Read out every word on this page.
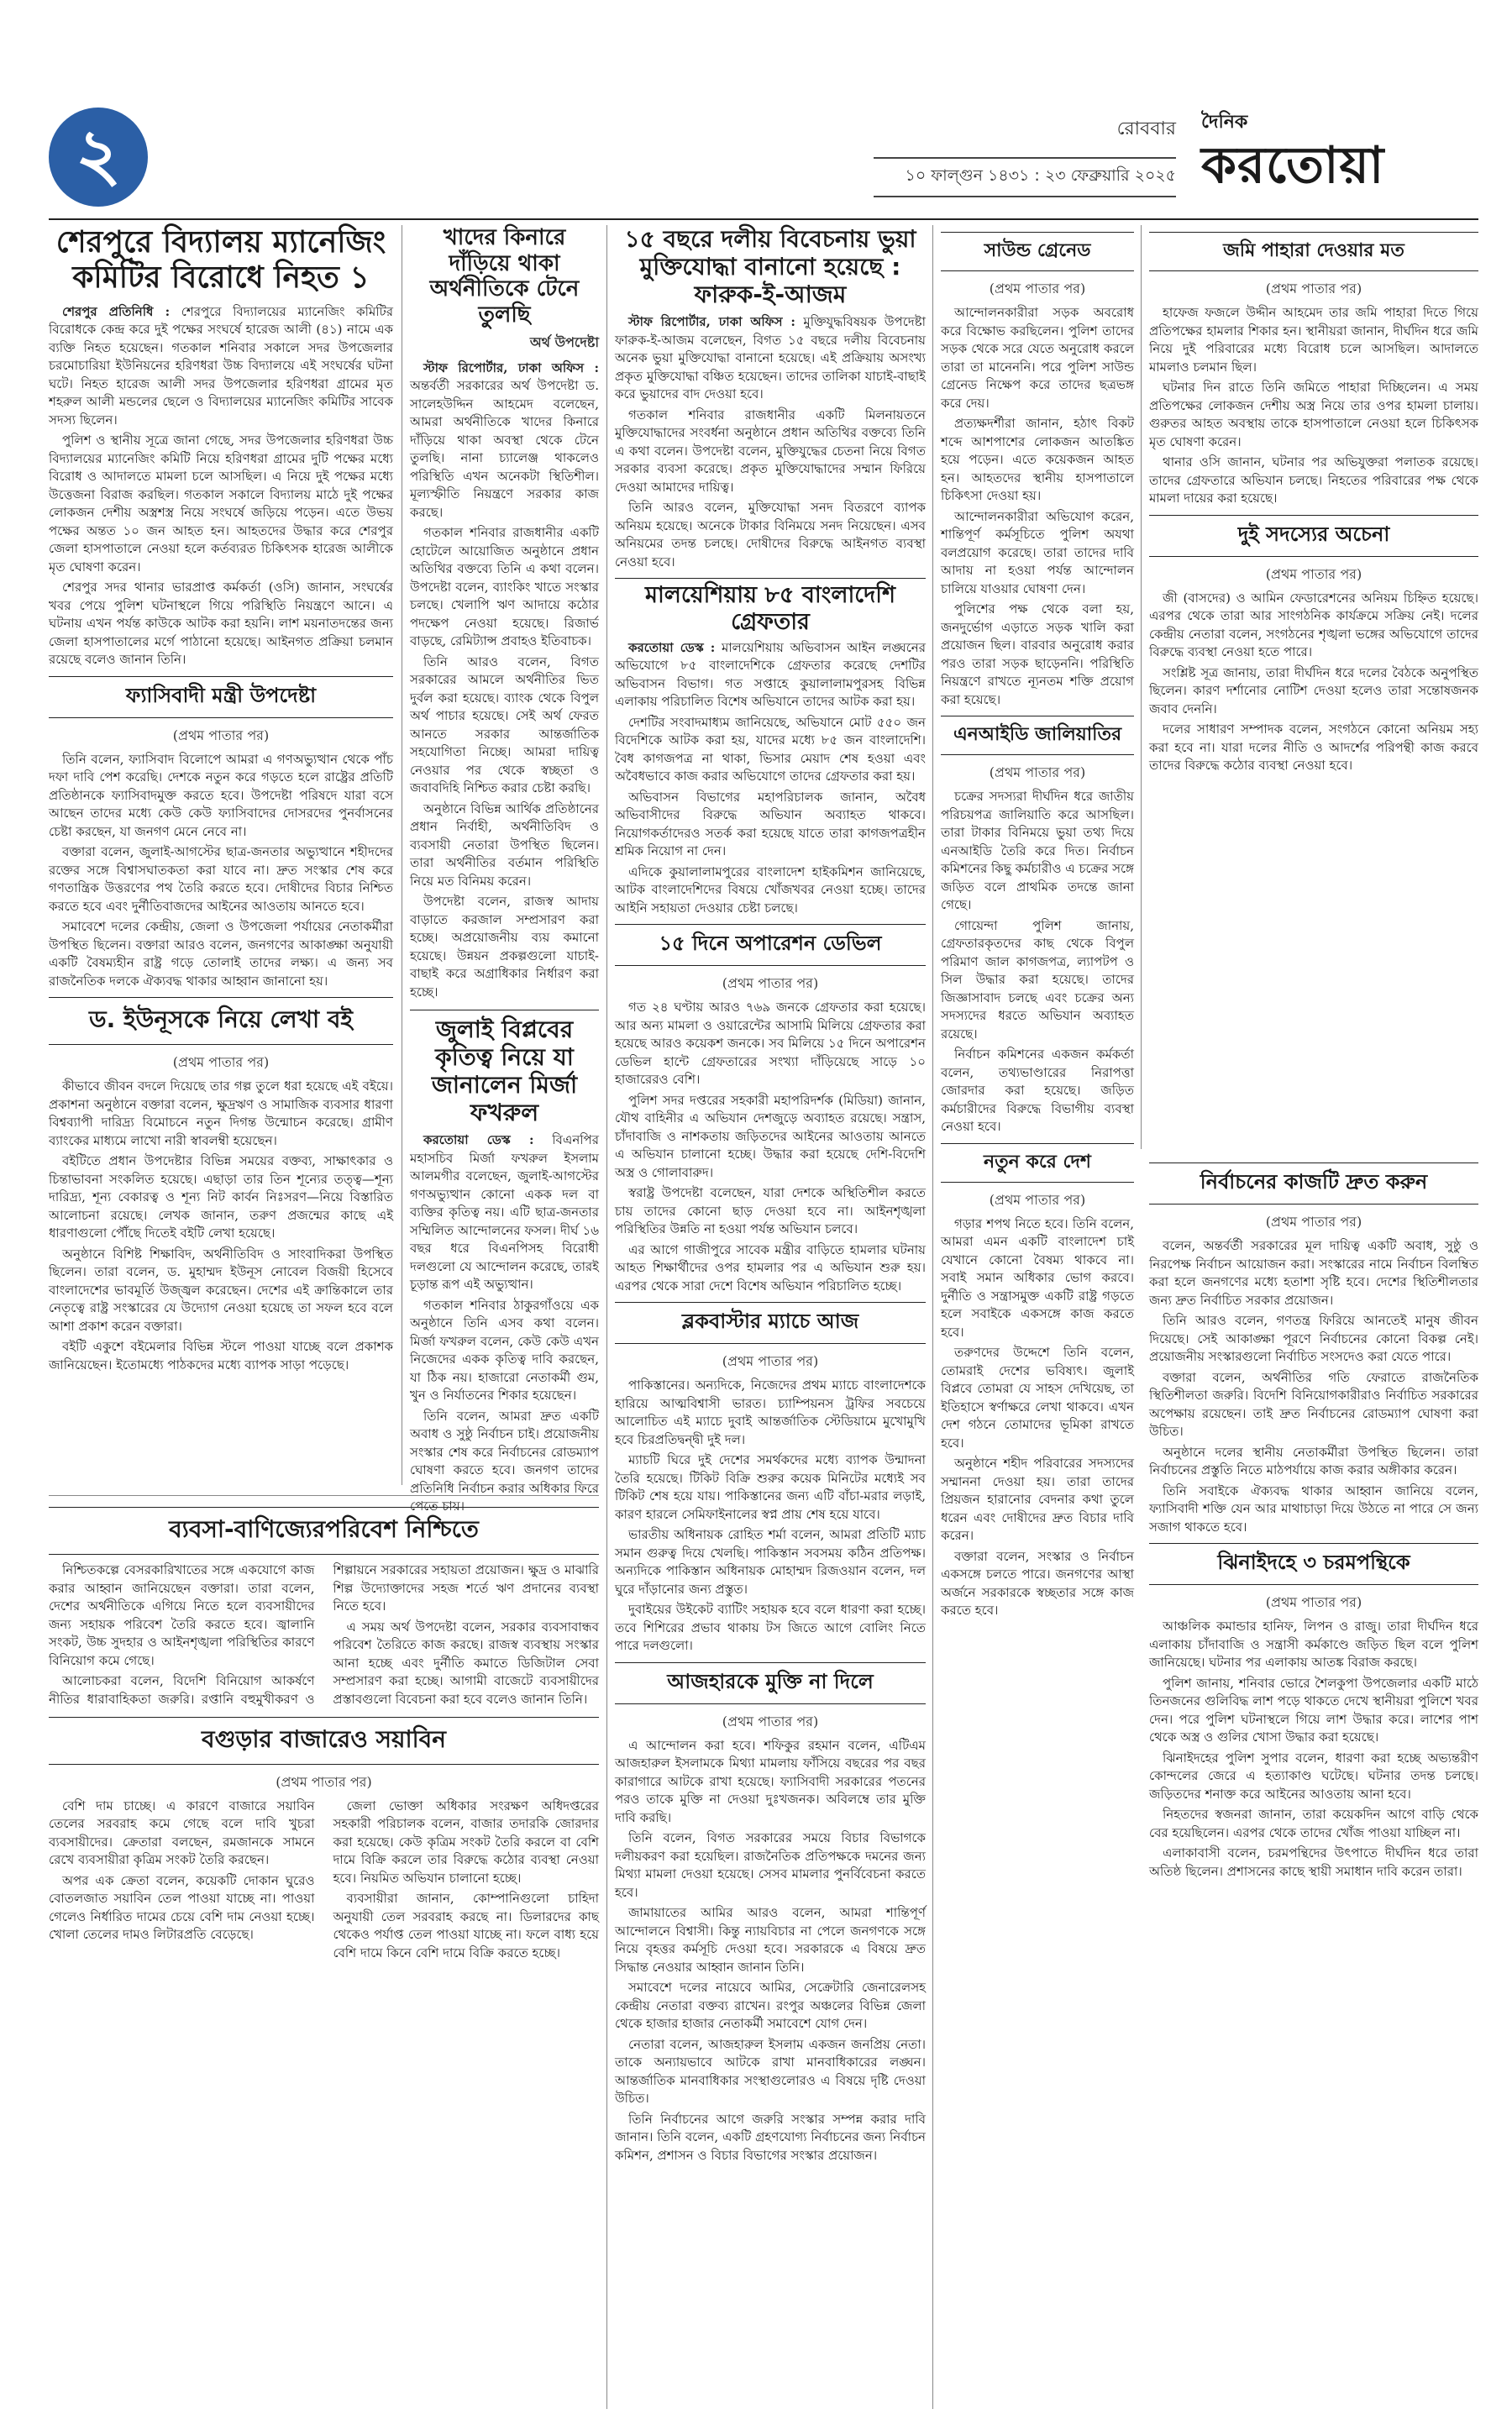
২	রোববার
১০ ফাল্গুন ১৪৩১ : ২৩ ফেব্রুয়ারি ২০২৫
দৈনিক
করতোয়া
শেরপুরে বিদ্যালয় ম্যানেজিং কমিটির বিরোধে নিহত ১

শেরপুর প্রতিনিধি : শেরপুরে বিদ্যালয়ের ম্যানেজিং কমিটির বিরোধকে কেন্দ্র করে দুই পক্ষের সংঘর্ষে হারেজ আলী (৪১) নামে এক ব্যক্তি নিহত হয়েছেন। গতকাল শনিবার সকালে সদর উপজেলার চরমোচারিয়া ইউনিয়নের হরিণধরা উচ্চ বিদ্যালয়ে এই সংঘর্ষের ঘটনা ঘটে। নিহত হারেজ আলী সদর উপজেলার হরিণধরা গ্রামের মৃত শহরুল আলী মন্ডলের ছেলে ও বিদ্যালয়ের ম্যানেজিং কমিটির সাবেক সদস্য ছিলেন।

পুলিশ ও স্থানীয় সূত্রে জানা গেছে, সদর উপজেলার হরিণধরা উচ্চ বিদ্যালয়ের ম্যানেজিং কমিটি নিয়ে হরিণধরা গ্রামের দুটি পক্ষের মধ্যে বিরোধ ও আদালতে মামলা চলে আসছিল। এ নিয়ে দুই পক্ষের মধ্যে উত্তেজনা বিরাজ করছিল। গতকাল সকালে বিদ্যালয় মাঠে দুই পক্ষের লোকজন দেশীয় অস্ত্রশস্ত্র নিয়ে সংঘর্ষে জড়িয়ে পড়েন। এতে উভয় পক্ষের অন্তত ১০ জন আহত হন। আহতদের উদ্ধার করে শেরপুর জেলা হাসপাতালে নেওয়া হলে কর্তব্যরত চিকিৎসক হারেজ আলীকে মৃত ঘোষণা করেন।

শেরপুর সদর থানার ভারপ্রাপ্ত কর্মকর্তা (ওসি) জানান, সংঘর্ষের খবর পেয়ে পুলিশ ঘটনাস্থলে গিয়ে পরিস্থিতি নিয়ন্ত্রণে আনে। এ ঘটনায় এখন পর্যন্ত কাউকে আটক করা হয়নি। লাশ ময়নাতদন্তের জন্য জেলা হাসপাতালের মর্গে পাঠানো হয়েছে। আইনগত প্রক্রিয়া চলমান রয়েছে বলেও জানান তিনি।

ফ্যাসিবাদী মন্ত্রী উপদেষ্টা
(প্রথম পাতার পর)

তিনি বলেন, ফ্যাসিবাদ বিলোপে আমরা এ গণঅভ্যুত্থান থেকে পাঁচ দফা দাবি পেশ করেছি। দেশকে নতুন করে গড়তে হলে রাষ্ট্রের প্রতিটি প্রতিষ্ঠানকে ফ্যাসিবাদমুক্ত করতে হবে। উপদেষ্টা পরিষদে যারা বসে আছেন তাদের মধ্যে কেউ কেউ ফ্যাসিবাদের দোসরদের পুনর্বাসনের চেষ্টা করছেন, যা জনগণ মেনে নেবে না।

বক্তারা বলেন, জুলাই-আগস্টের ছাত্র-জনতার অভ্যুত্থানে শহীদদের রক্তের সঙ্গে বিশ্বাসঘাতকতা করা যাবে না। দ্রুত সংস্কার শেষ করে গণতান্ত্রিক উত্তরণের পথ তৈরি করতে হবে। দোষীদের বিচার নিশ্চিত করতে হবে এবং দুর্নীতিবাজদের আইনের আওতায় আনতে হবে।

সমাবেশে দলের কেন্দ্রীয়, জেলা ও উপজেলা পর্যায়ের নেতাকর্মীরা উপস্থিত ছিলেন। বক্তারা আরও বলেন, জনগণের আকাঙ্ক্ষা অনুযায়ী একটি বৈষম্যহীন রাষ্ট্র গড়ে তোলাই তাদের লক্ষ্য। এ জন্য সব রাজনৈতিক দলকে ঐক্যবদ্ধ থাকার আহ্বান জানানো হয়।

ড. ইউনূসকে নিয়ে লেখা বই
(প্রথম পাতার পর)

কীভাবে জীবন বদলে দিয়েছে তার গল্প তুলে ধরা হয়েছে এই বইয়ে। প্রকাশনা অনুষ্ঠানে বক্তারা বলেন, ক্ষুদ্রঋণ ও সামাজিক ব্যবসার ধারণা বিশ্বব্যাপী দারিদ্র্য বিমোচনে নতুন দিগন্ত উন্মোচন করেছে। গ্রামীণ ব্যাংকের মাধ্যমে লাখো নারী স্বাবলম্বী হয়েছেন।

বইটিতে প্রধান উপদেষ্টার বিভিন্ন সময়ের বক্তব্য, সাক্ষাৎকার ও চিন্তাভাবনা সংকলিত হয়েছে। এছাড়া তার তিন শূন্যের তত্ত্ব—শূন্য দারিদ্র্য, শূন্য বেকারত্ব ও শূন্য নিট কার্বন নিঃসরণ—নিয়ে বিস্তারিত আলোচনা রয়েছে। লেখক জানান, তরুণ প্রজন্মের কাছে এই ধারণাগুলো পৌঁছে দিতেই বইটি লেখা হয়েছে।

অনুষ্ঠানে বিশিষ্ট শিক্ষাবিদ, অর্থনীতিবিদ ও সাংবাদিকরা উপস্থিত ছিলেন। তারা বলেন, ড. মুহাম্মদ ইউনূস নোবেল বিজয়ী হিসেবে বাংলাদেশের ভাবমূর্তি উজ্জ্বল করেছেন। দেশের এই ক্রান্তিকালে তার নেতৃত্বে রাষ্ট্র সংস্কারের যে উদ্যোগ নেওয়া হয়েছে তা সফল হবে বলে আশা প্রকাশ করেন বক্তারা।

বইটি একুশে বইমেলার বিভিন্ন স্টলে পাওয়া যাচ্ছে বলে প্রকাশক জানিয়েছেন। ইতোমধ্যে পাঠকদের মধ্যে ব্যাপক সাড়া পড়েছে।

খাদের কিনারে দাঁড়িয়ে থাকা অর্থনীতিকে টেনে তুলছি
অর্থ উপদেষ্টা

স্টাফ রিপোর্টার, ঢাকা অফিস : অন্তর্বর্তী সরকারের অর্থ উপদেষ্টা ড. সালেহউদ্দিন আহমেদ বলেছেন, আমরা অর্থনীতিকে খাদের কিনারে দাঁড়িয়ে থাকা অবস্থা থেকে টেনে তুলছি। নানা চ্যালেঞ্জ থাকলেও পরিস্থিতি এখন অনেকটা স্থিতিশীল। মূল্যস্ফীতি নিয়ন্ত্রণে সরকার কাজ করছে।

গতকাল শনিবার রাজধানীর একটি হোটেলে আয়োজিত অনুষ্ঠানে প্রধান অতিথির বক্তব্যে তিনি এ কথা বলেন। উপদেষ্টা বলেন, ব্যাংকিং খাতে সংস্কার চলছে। খেলাপি ঋণ আদায়ে কঠোর পদক্ষেপ নেওয়া হয়েছে। রিজার্ভ বাড়ছে, রেমিট্যান্স প্রবাহও ইতিবাচক।

তিনি আরও বলেন, বিগত সরকারের আমলে অর্থনীতির ভিত দুর্বল করা হয়েছে। ব্যাংক থেকে বিপুল অর্থ পাচার হয়েছে। সেই অর্থ ফেরত আনতে সরকার আন্তর্জাতিক সহযোগিতা নিচ্ছে। আমরা দায়িত্ব নেওয়ার পর থেকে স্বচ্ছতা ও জবাবদিহি নিশ্চিত করার চেষ্টা করছি।

অনুষ্ঠানে বিভিন্ন আর্থিক প্রতিষ্ঠানের প্রধান নির্বাহী, অর্থনীতিবিদ ও ব্যবসায়ী নেতারা উপস্থিত ছিলেন। তারা অর্থনীতির বর্তমান পরিস্থিতি নিয়ে মত বিনিময় করেন।

উপদেষ্টা বলেন, রাজস্ব আদায় বাড়াতে করজাল সম্প্রসারণ করা হচ্ছে। অপ্রয়োজনীয় ব্যয় কমানো হয়েছে। উন্নয়ন প্রকল্পগুলো যাচাই-বাছাই করে অগ্রাধিকার নির্ধারণ করা হচ্ছে।

জুলাই বিপ্লবের কৃতিত্ব নিয়ে যা জানালেন মির্জা ফখরুল

করতোয়া ডেস্ক : বিএনপির মহাসচিব মির্জা ফখরুল ইসলাম আলমগীর বলেছেন, জুলাই-আগস্টের গণঅভ্যুত্থান কোনো একক দল বা ব্যক্তির কৃতিত্ব নয়। এটি ছাত্র-জনতার সম্মিলিত আন্দোলনের ফসল। দীর্ঘ ১৬ বছর ধরে বিএনপিসহ বিরোধী দলগুলো যে আন্দোলন করেছে, তারই চূড়ান্ত রূপ এই অভ্যুত্থান।

গতকাল শনিবার ঠাকুরগাঁওয়ে এক অনুষ্ঠানে তিনি এসব কথা বলেন। মির্জা ফখরুল বলেন, কেউ কেউ এখন নিজেদের একক কৃতিত্ব দাবি করছেন, যা ঠিক নয়। হাজারো নেতাকর্মী গুম, খুন ও নির্যাতনের শিকার হয়েছেন।

তিনি বলেন, আমরা দ্রুত একটি অবাধ ও সুষ্ঠু নির্বাচন চাই। প্রয়োজনীয় সংস্কার শেষ করে নির্বাচনের রোডম্যাপ ঘোষণা করতে হবে। জনগণ তাদের প্রতিনিধি নির্বাচন করার অধিকার ফিরে পেতে চায়।

ব্যবসা-বাণিজ্যেরপরিবেশ নিশ্চিতে

নিশ্চিতকল্পে বেসরকারিখাতের সঙ্গে একযোগে কাজ করার আহ্বান জানিয়েছেন বক্তারা। তারা বলেন, দেশের অর্থনীতিকে এগিয়ে নিতে হলে ব্যবসায়ীদের জন্য সহায়ক পরিবেশ তৈরি করতে হবে। জ্বালানি সংকট, উচ্চ সুদহার ও আইনশৃঙ্খলা পরিস্থিতির কারণে বিনিয়োগ কমে গেছে।

আলোচকরা বলেন, বিদেশি বিনিয়োগ আকর্ষণে নীতির ধারাবাহিকতা জরুরি। রপ্তানি বহুমুখীকরণ ও শিল্পায়নে সরকারের সহায়তা প্রয়োজন। ক্ষুদ্র ও মাঝারি শিল্প উদ্যোক্তাদের সহজ শর্তে ঋণ প্রদানের ব্যবস্থা নিতে হবে।

এ সময় অর্থ উপদেষ্টা বলেন, সরকার ব্যবসাবান্ধব পরিবেশ তৈরিতে কাজ করছে। রাজস্ব ব্যবস্থায় সংস্কার আনা হচ্ছে এবং দুর্নীতি কমাতে ডিজিটাল সেবা সম্প্রসারণ করা হচ্ছে। আগামী বাজেটে ব্যবসায়ীদের প্রস্তাবগুলো বিবেচনা করা হবে বলেও জানান তিনি।

বগুড়ার বাজারেও সয়াবিন
(প্রথম পাতার পর)

বেশি দাম চাচ্ছে। এ কারণে বাজারে সয়াবিন তেলের সরবরাহ কমে গেছে বলে দাবি খুচরা ব্যবসায়ীদের। ক্রেতারা বলছেন, রমজানকে সামনে রেখে ব্যবসায়ীরা কৃত্রিম সংকট তৈরি করছেন।

অপর এক ক্রেতা বলেন, কয়েকটি দোকান ঘুরেও বোতলজাত সয়াবিন তেল পাওয়া যাচ্ছে না। পাওয়া গেলেও নির্ধারিত দামের চেয়ে বেশি দাম নেওয়া হচ্ছে। খোলা তেলের দামও লিটারপ্রতি বেড়েছে।

জেলা ভোক্তা অধিকার সংরক্ষণ অধিদপ্তরের সহকারী পরিচালক বলেন, বাজার তদারকি জোরদার করা হয়েছে। কেউ কৃত্রিম সংকট তৈরি করলে বা বেশি দামে বিক্রি করলে তার বিরুদ্ধে কঠোর ব্যবস্থা নেওয়া হবে। নিয়মিত অভিযান চালানো হচ্ছে।

ব্যবসায়ীরা জানান, কোম্পানিগুলো চাহিদা অনুযায়ী তেল সরবরাহ করছে না। ডিলারদের কাছ থেকেও পর্যাপ্ত তেল পাওয়া যাচ্ছে না। ফলে বাধ্য হয়ে বেশি দামে কিনে বেশি দামে বিক্রি করতে হচ্ছে।

১৫ বছরে দলীয় বিবেচনায় ভুয়া মুক্তিযোদ্ধা বানানো হয়েছে : ফারুক-ই-আজম

স্টাফ রিপোর্টার, ঢাকা অফিস : মুক্তিযুদ্ধবিষয়ক উপদেষ্টা ফারুক-ই-আজম বলেছেন, বিগত ১৫ বছরে দলীয় বিবেচনায় অনেক ভুয়া মুক্তিযোদ্ধা বানানো হয়েছে। এই প্রক্রিয়ায় অসংখ্য প্রকৃত মুক্তিযোদ্ধা বঞ্চিত হয়েছেন। তাদের তালিকা যাচাই-বাছাই করে ভুয়াদের বাদ দেওয়া হবে।

গতকাল শনিবার রাজধানীর একটি মিলনায়তনে মুক্তিযোদ্ধাদের সংবর্ধনা অনুষ্ঠানে প্রধান অতিথির বক্তব্যে তিনি এ কথা বলেন। উপদেষ্টা বলেন, মুক্তিযুদ্ধের চেতনা নিয়ে বিগত সরকার ব্যবসা করেছে। প্রকৃত মুক্তিযোদ্ধাদের সম্মান ফিরিয়ে দেওয়া আমাদের দায়িত্ব।

তিনি আরও বলেন, মুক্তিযোদ্ধা সনদ বিতরণে ব্যাপক অনিয়ম হয়েছে। অনেকে টাকার বিনিময়ে সনদ নিয়েছেন। এসব অনিয়মের তদন্ত চলছে। দোষীদের বিরুদ্ধে আইনগত ব্যবস্থা নেওয়া হবে।

মালয়েশিয়ায় ৮৫ বাংলাদেশি গ্রেফতার

করতোয়া ডেস্ক : মালয়েশিয়ায় অভিবাসন আইন লঙ্ঘনের অভিযোগে ৮৫ বাংলাদেশিকে গ্রেফতার করেছে দেশটির অভিবাসন বিভাগ। গত সপ্তাহে কুয়ালালামপুরসহ বিভিন্ন এলাকায় পরিচালিত বিশেষ অভিযানে তাদের আটক করা হয়।

দেশটির সংবাদমাধ্যম জানিয়েছে, অভিযানে মোট ৫৫০ জন বিদেশিকে আটক করা হয়, যাদের মধ্যে ৮৫ জন বাংলাদেশি। বৈধ কাগজপত্র না থাকা, ভিসার মেয়াদ শেষ হওয়া এবং অবৈধভাবে কাজ করার অভিযোগে তাদের গ্রেফতার করা হয়।

অভিবাসন বিভাগের মহাপরিচালক জানান, অবৈধ অভিবাসীদের বিরুদ্ধে অভিযান অব্যাহত থাকবে। নিয়োগকর্তাদেরও সতর্ক করা হয়েছে যাতে তারা কাগজপত্রহীন শ্রমিক নিয়োগ না দেন।

এদিকে কুয়ালালামপুরের বাংলাদেশ হাইকমিশন জানিয়েছে, আটক বাংলাদেশিদের বিষয়ে খোঁজখবর নেওয়া হচ্ছে। তাদের আইনি সহায়তা দেওয়ার চেষ্টা চলছে।

১৫ দিনে অপারেশন ডেভিল
(প্রথম পাতার পর)

গত ২৪ ঘণ্টায় আরও ৭৬৯ জনকে গ্রেফতার করা হয়েছে। আর অন্য মামলা ও ওয়ারেন্টের আসামি মিলিয়ে গ্রেফতার করা হয়েছে আরও কয়েকশ জনকে। সব মিলিয়ে ১৫ দিনে অপারেশন ডেভিল হান্টে গ্রেফতারের সংখ্যা দাঁড়িয়েছে সাড়ে ১০ হাজারেরও বেশি।

পুলিশ সদর দপ্তরের সহকারী মহাপরিদর্শক (মিডিয়া) জানান, যৌথ বাহিনীর এ অভিযান দেশজুড়ে অব্যাহত রয়েছে। সন্ত্রাস, চাঁদাবাজি ও নাশকতায় জড়িতদের আইনের আওতায় আনতে এ অভিযান চালানো হচ্ছে। উদ্ধার করা হয়েছে দেশি-বিদেশি অস্ত্র ও গোলাবারুদ।

স্বরাষ্ট্র উপদেষ্টা বলেছেন, যারা দেশকে অস্থিতিশীল করতে চায় তাদের কোনো ছাড় দেওয়া হবে না। আইনশৃঙ্খলা পরিস্থিতির উন্নতি না হওয়া পর্যন্ত অভিযান চলবে।

এর আগে গাজীপুরে সাবেক মন্ত্রীর বাড়িতে হামলার ঘটনায় আহত শিক্ষার্থীদের ওপর হামলার পর এ অভিযান শুরু হয়। এরপর থেকে সারা দেশে বিশেষ অভিযান পরিচালিত হচ্ছে।

ব্লকবাস্টার ম্যাচে আজ
(প্রথম পাতার পর)

পাকিস্তানের। অন্যদিকে, নিজেদের প্রথম ম্যাচে বাংলাদেশকে হারিয়ে আত্মবিশ্বাসী ভারত। চ্যাম্পিয়নস ট্রফির সবচেয়ে আলোচিত এই ম্যাচে দুবাই আন্তর্জাতিক স্টেডিয়ামে মুখোমুখি হবে চিরপ্রতিদ্বন্দ্বী দুই দল।

ম্যাচটি ঘিরে দুই দেশের সমর্থকদের মধ্যে ব্যাপক উন্মাদনা তৈরি হয়েছে। টিকিট বিক্রি শুরুর কয়েক মিনিটের মধ্যেই সব টিকিট শেষ হয়ে যায়। পাকিস্তানের জন্য এটি বাঁচা-মরার লড়াই, কারণ হারলে সেমিফাইনালের স্বপ্ন প্রায় শেষ হয়ে যাবে।

ভারতীয় অধিনায়ক রোহিত শর্মা বলেন, আমরা প্রতিটি ম্যাচ সমান গুরুত্ব দিয়ে খেলছি। পাকিস্তান সবসময় কঠিন প্রতিপক্ষ। অন্যদিকে পাকিস্তান অধিনায়ক মোহাম্মদ রিজওয়ান বলেন, দল ঘুরে দাঁড়ানোর জন্য প্রস্তুত।

দুবাইয়ের উইকেট ব্যাটিং সহায়ক হবে বলে ধারণা করা হচ্ছে। তবে শিশিরের প্রভাব থাকায় টস জিতে আগে বোলিং নিতে পারে দলগুলো।

আজহারকে মুক্তি না দিলে
(প্রথম পাতার পর)

এ আন্দোলন করা হবে। শফিকুর রহমান বলেন, এটিএম আজহারুল ইসলামকে মিথ্যা মামলায় ফাঁসিয়ে বছরের পর বছর কারাগারে আটকে রাখা হয়েছে। ফ্যাসিবাদী সরকারের পতনের পরও তাকে মুক্তি না দেওয়া দুঃখজনক। অবিলম্বে তার মুক্তি দাবি করছি।

তিনি বলেন, বিগত সরকারের সময়ে বিচার বিভাগকে দলীয়করণ করা হয়েছিল। রাজনৈতিক প্রতিপক্ষকে দমনের জন্য মিথ্যা মামলা দেওয়া হয়েছে। সেসব মামলার পুনর্বিবেচনা করতে হবে।

জামায়াতের আমির আরও বলেন, আমরা শান্তিপূর্ণ আন্দোলনে বিশ্বাসী। কিন্তু ন্যায়বিচার না পেলে জনগণকে সঙ্গে নিয়ে বৃহত্তর কর্মসূচি দেওয়া হবে। সরকারকে এ বিষয়ে দ্রুত সিদ্ধান্ত নেওয়ার আহ্বান জানান তিনি।

সমাবেশে দলের নায়েবে আমির, সেক্রেটারি জেনারেলসহ কেন্দ্রীয় নেতারা বক্তব্য রাখেন। রংপুর অঞ্চলের বিভিন্ন জেলা থেকে হাজার হাজার নেতাকর্মী সমাবেশে যোগ দেন।

নেতারা বলেন, আজহারুল ইসলাম একজন জনপ্রিয় নেতা। তাকে অন্যায়ভাবে আটকে রাখা মানবাধিকারের লঙ্ঘন। আন্তর্জাতিক মানবাধিকার সংস্থাগুলোরও এ বিষয়ে দৃষ্টি দেওয়া উচিত।

তিনি নির্বাচনের আগে জরুরি সংস্কার সম্পন্ন করার দাবি জানান। তিনি বলেন, একটি গ্রহণযোগ্য নির্বাচনের জন্য নির্বাচন কমিশন, প্রশাসন ও বিচার বিভাগের সংস্কার প্রয়োজন।

সাউন্ড গ্রেনেড
(প্রথম পাতার পর)

আন্দোলনকারীরা সড়ক অবরোধ করে বিক্ষোভ করছিলেন। পুলিশ তাদের সড়ক থেকে সরে যেতে অনুরোধ করলে তারা তা মানেননি। পরে পুলিশ সাউন্ড গ্রেনেড নিক্ষেপ করে তাদের ছত্রভঙ্গ করে দেয়।

প্রত্যক্ষদর্শীরা জানান, হঠাৎ বিকট শব্দে আশপাশের লোকজন আতঙ্কিত হয়ে পড়েন। এতে কয়েকজন আহত হন। আহতদের স্থানীয় হাসপাতালে চিকিৎসা দেওয়া হয়।

আন্দোলনকারীরা অভিযোগ করেন, শান্তিপূর্ণ কর্মসূচিতে পুলিশ অযথা বলপ্রয়োগ করেছে। তারা তাদের দাবি আদায় না হওয়া পর্যন্ত আন্দোলন চালিয়ে যাওয়ার ঘোষণা দেন।

পুলিশের পক্ষ থেকে বলা হয়, জনদুর্ভোগ এড়াতে সড়ক খালি করা প্রয়োজন ছিল। বারবার অনুরোধ করার পরও তারা সড়ক ছাড়েননি। পরিস্থিতি নিয়ন্ত্রণে রাখতে ন্যূনতম শক্তি প্রয়োগ করা হয়েছে।

এনআইডি জালিয়াতির
(প্রথম পাতার পর)

চক্রের সদস্যরা দীর্ঘদিন ধরে জাতীয় পরিচয়পত্র জালিয়াতি করে আসছিল। তারা টাকার বিনিময়ে ভুয়া তথ্য দিয়ে এনআইডি তৈরি করে দিত। নির্বাচন কমিশনের কিছু কর্মচারীও এ চক্রের সঙ্গে জড়িত বলে প্রাথমিক তদন্তে জানা গেছে।

গোয়েন্দা পুলিশ জানায়, গ্রেফতারকৃতদের কাছ থেকে বিপুল পরিমাণ জাল কাগজপত্র, ল্যাপটপ ও সিল উদ্ধার করা হয়েছে। তাদের জিজ্ঞাসাবাদ চলছে এবং চক্রের অন্য সদস্যদের ধরতে অভিযান অব্যাহত রয়েছে।

নির্বাচন কমিশনের একজন কর্মকর্তা বলেন, তথ্যভাণ্ডারের নিরাপত্তা জোরদার করা হয়েছে। জড়িত কর্মচারীদের বিরুদ্ধে বিভাগীয় ব্যবস্থা নেওয়া হবে।

নতুন করে দেশ
(প্রথম পাতার পর)

গড়ার শপথ নিতে হবে। তিনি বলেন, আমরা এমন একটি বাংলাদেশ চাই যেখানে কোনো বৈষম্য থাকবে না। সবাই সমান অধিকার ভোগ করবে। দুর্নীতি ও সন্ত্রাসমুক্ত একটি রাষ্ট্র গড়তে হলে সবাইকে একসঙ্গে কাজ করতে হবে।

তরুণদের উদ্দেশে তিনি বলেন, তোমরাই দেশের ভবিষ্যৎ। জুলাই বিপ্লবে তোমরা যে সাহস দেখিয়েছ, তা ইতিহাসে স্বর্ণাক্ষরে লেখা থাকবে। এখন দেশ গঠনে তোমাদের ভূমিকা রাখতে হবে।

অনুষ্ঠানে শহীদ পরিবারের সদস্যদের সম্মাননা দেওয়া হয়। তারা তাদের প্রিয়জন হারানোর বেদনার কথা তুলে ধরেন এবং দোষীদের দ্রুত বিচার দাবি করেন।

বক্তারা বলেন, সংস্কার ও নির্বাচন একসঙ্গে চলতে পারে। জনগণের আস্থা অর্জনে সরকারকে স্বচ্ছতার সঙ্গে কাজ করতে হবে।

জমি পাহারা দেওয়ার মত
(প্রথম পাতার পর)

হাফেজ ফজলে উদ্দীন আহমেদ তার জমি পাহারা দিতে গিয়ে প্রতিপক্ষের হামলার শিকার হন। স্থানীয়রা জানান, দীর্ঘদিন ধরে জমি নিয়ে দুই পরিবারের মধ্যে বিরোধ চলে আসছিল। আদালতে মামলাও চলমান ছিল।

ঘটনার দিন রাতে তিনি জমিতে পাহারা দিচ্ছিলেন। এ সময় প্রতিপক্ষের লোকজন দেশীয় অস্ত্র নিয়ে তার ওপর হামলা চালায়। গুরুতর আহত অবস্থায় তাকে হাসপাতালে নেওয়া হলে চিকিৎসক মৃত ঘোষণা করেন।

থানার ওসি জানান, ঘটনার পর অভিযুক্তরা পলাতক রয়েছে। তাদের গ্রেফতারে অভিযান চলছে। নিহতের পরিবারের পক্ষ থেকে মামলা দায়ের করা হয়েছে।

দুই সদস্যের অচেনা
(প্রথম পাতার পর)

জী (বাসদের) ও আমিন ফেডারেশনের অনিয়ম চিহ্নিত হয়েছে। এরপর থেকে তারা আর সাংগঠনিক কার্যক্রমে সক্রিয় নেই। দলের কেন্দ্রীয় নেতারা বলেন, সংগঠনের শৃঙ্খলা ভঙ্গের অভিযোগে তাদের বিরুদ্ধে ব্যবস্থা নেওয়া হতে পারে।

সংশ্লিষ্ট সূত্র জানায়, তারা দীর্ঘদিন ধরে দলের বৈঠকে অনুপস্থিত ছিলেন। কারণ দর্শানোর নোটিশ দেওয়া হলেও তারা সন্তোষজনক জবাব দেননি।

দলের সাধারণ সম্পাদক বলেন, সংগঠনে কোনো অনিয়ম সহ্য করা হবে না। যারা দলের নীতি ও আদর্শের পরিপন্থী কাজ করবে তাদের বিরুদ্ধে কঠোর ব্যবস্থা নেওয়া হবে।

নির্বাচনের কাজটি দ্রুত করুন
(প্রথম পাতার পর)

বলেন, অন্তর্বর্তী সরকারের মূল দায়িত্ব একটি অবাধ, সুষ্ঠু ও নিরপেক্ষ নির্বাচন আয়োজন করা। সংস্কারের নামে নির্বাচন বিলম্বিত করা হলে জনগণের মধ্যে হতাশা সৃষ্টি হবে। দেশের স্থিতিশীলতার জন্য দ্রুত নির্বাচিত সরকার প্রয়োজন।

তিনি আরও বলেন, গণতন্ত্র ফিরিয়ে আনতেই মানুষ জীবন দিয়েছে। সেই আকাঙ্ক্ষা পূরণে নির্বাচনের কোনো বিকল্প নেই। প্রয়োজনীয় সংস্কারগুলো নির্বাচিত সংসদেও করা যেতে পারে।

বক্তারা বলেন, অর্থনীতির গতি ফেরাতে রাজনৈতিক স্থিতিশীলতা জরুরি। বিদেশি বিনিয়োগকারীরাও নির্বাচিত সরকারের অপেক্ষায় রয়েছেন। তাই দ্রুত নির্বাচনের রোডম্যাপ ঘোষণা করা উচিত।

অনুষ্ঠানে দলের স্থানীয় নেতাকর্মীরা উপস্থিত ছিলেন। তারা নির্বাচনের প্রস্তুতি নিতে মাঠপর্যায়ে কাজ করার অঙ্গীকার করেন।

তিনি সবাইকে ঐক্যবদ্ধ থাকার আহ্বান জানিয়ে বলেন, ফ্যাসিবাদী শক্তি যেন আর মাথাচাড়া দিয়ে উঠতে না পারে সে জন্য সজাগ থাকতে হবে।

ঝিনাইদহে ৩ চরমপন্থিকে
(প্রথম পাতার পর)

আঞ্চলিক কমান্ডার হানিফ, লিপন ও রাজু। তারা দীর্ঘদিন ধরে এলাকায় চাঁদাবাজি ও সন্ত্রাসী কর্মকাণ্ডে জড়িত ছিল বলে পুলিশ জানিয়েছে। ঘটনার পর এলাকায় আতঙ্ক বিরাজ করছে।

পুলিশ জানায়, শনিবার ভোরে শৈলকুপা উপজেলার একটি মাঠে তিনজনের গুলিবিদ্ধ লাশ পড়ে থাকতে দেখে স্থানীয়রা পুলিশে খবর দেন। পরে পুলিশ ঘটনাস্থলে গিয়ে লাশ উদ্ধার করে। লাশের পাশ থেকে অস্ত্র ও গুলির খোসা উদ্ধার করা হয়েছে।

ঝিনাইদহের পুলিশ সুপার বলেন, ধারণা করা হচ্ছে অভ্যন্তরীণ কোন্দলের জেরে এ হত্যাকাণ্ড ঘটেছে। ঘটনার তদন্ত চলছে। জড়িতদের শনাক্ত করে আইনের আওতায় আনা হবে।

নিহতদের স্বজনরা জানান, তারা কয়েকদিন আগে বাড়ি থেকে বের হয়েছিলেন। এরপর থেকে তাদের খোঁজ পাওয়া যাচ্ছিল না।

এলাকাবাসী বলেন, চরমপন্থিদের উৎপাতে দীর্ঘদিন ধরে তারা অতিষ্ঠ ছিলেন। প্রশাসনের কাছে স্থায়ী সমাধান দাবি করেন তারা।
